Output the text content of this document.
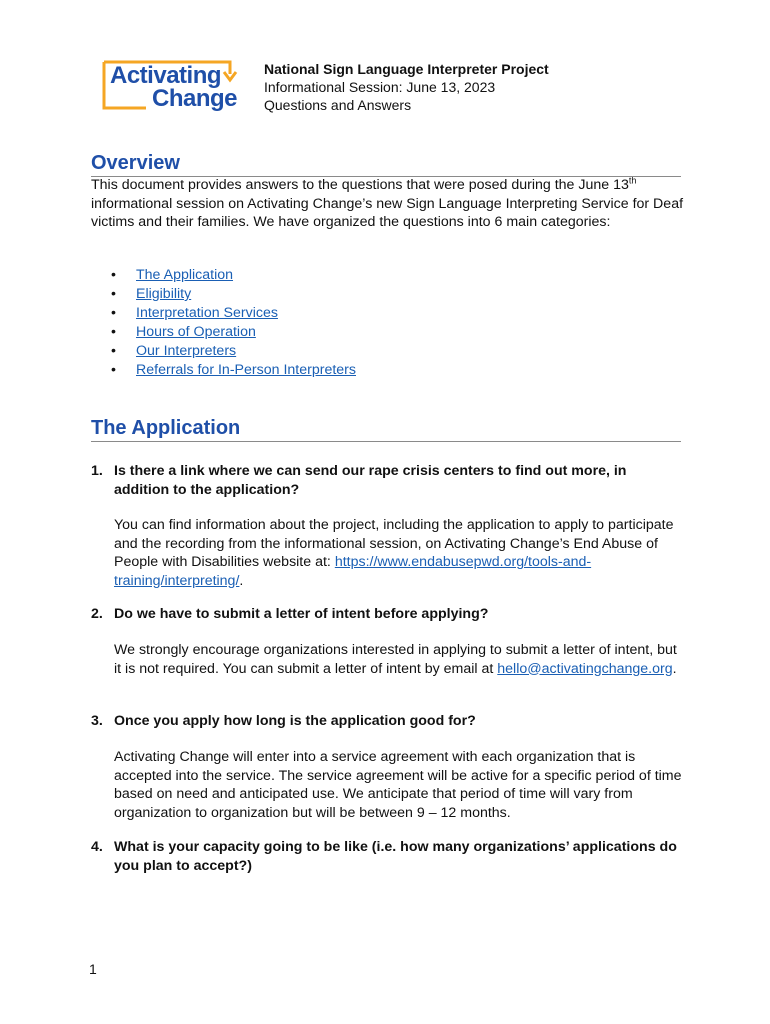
Activating
Change
National Sign Language Interpreter Project
Informational Session: June 13, 2023
Questions and Answers
Overview
This document provides answers to the questions that were posed during the June 13th informational session on Activating Change’s new Sign Language Interpreting Service for Deaf victims and their families. We have organized the questions into 6 main categories:
• The Application
• Eligibility
• Interpretation Services
• Hours of Operation
• Our Interpreters
• Referrals for In-Person Interpreters
The Application
1. Is there a link where we can send our rape crisis centers to find out more, in addition to the application?
You can find information about the project, including the application to apply to participate and the recording from the informational session, on Activating Change’s End Abuse of People with Disabilities website at: https://www.endabusepwd.org/tools-and-training/interpreting/.
2. Do we have to submit a letter of intent before applying?
We strongly encourage organizations interested in applying to submit a letter of intent, but it is not required. You can submit a letter of intent by email at hello@activatingchange.org.
3. Once you apply how long is the application good for?
Activating Change will enter into a service agreement with each organization that is accepted into the service. The service agreement will be active for a specific period of time based on need and anticipated use. We anticipate that period of time will vary from organization to organization but will be between 9 – 12 months.
4. What is your capacity going to be like (i.e. how many organizations’ applications do you plan to accept?)
1
